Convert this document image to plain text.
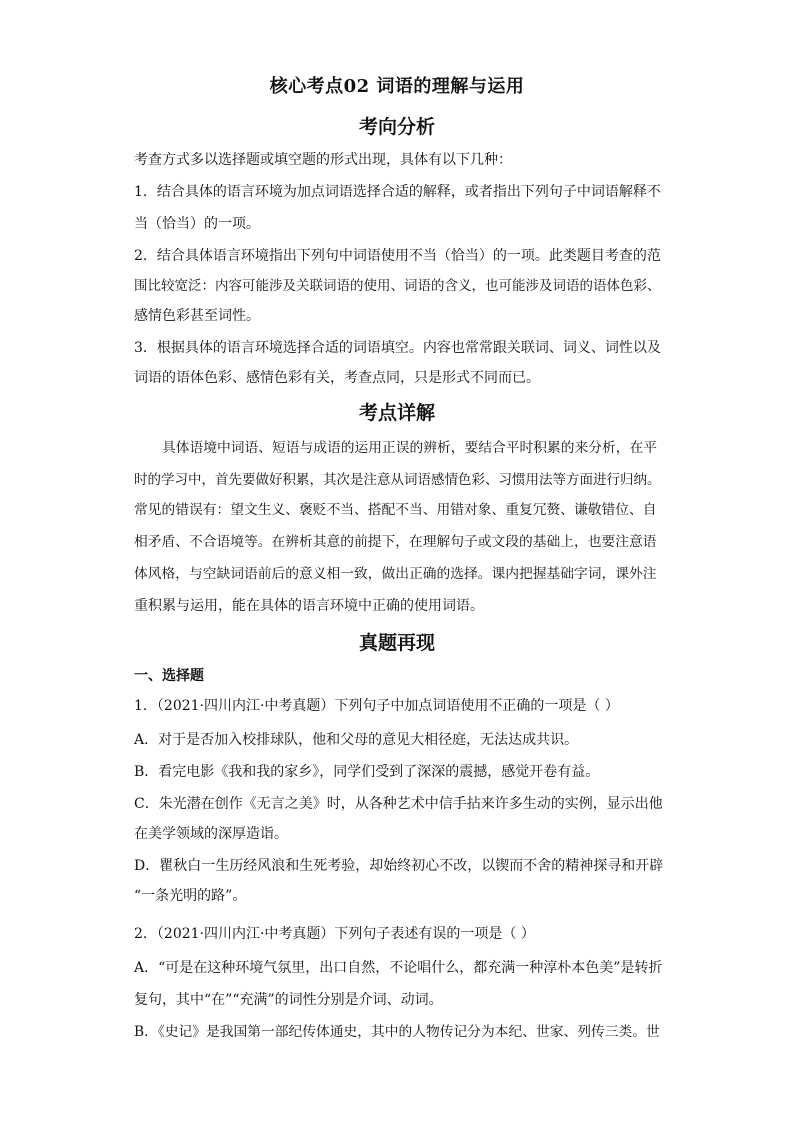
核心考点02 词语的理解与运用
考向分析
考查方式多以选择题或填空题的形式出现，具体有以下几种：
1．结合具体的语言环境为加点词语选择合适的解释，或者指出下列句子中词语解释不
当（恰当）的一项。
2．结合具体语言环境指出下列句中词语使用不当（恰当）的一项。此类题目考查的范
围比较宽泛：内容可能涉及关联词语的使用、词语的含义，也可能涉及词语的语体色彩、
感情色彩甚至词性。
3．根据具体的语言环境选择合适的词语填空。内容也常常跟关联词、词义、词性以及
词语的语体色彩、感情色彩有关，考查点同，只是形式不同而已。
考点详解
具体语境中词语、短语与成语的运用正误的辨析，要结合平时积累的来分析，在平
时的学习中，首先要做好积累，其次是注意从词语感情色彩、习惯用法等方面进行归纳。
常见的错误有：望文生义、褒贬不当、搭配不当、用错对象、重复冗赘、谦敬错位、自
相矛盾、不合语境等。在辨析其意的前提下，在理解句子或文段的基础上，也要注意语
体风格，与空缺词语前后的意义相一致，做出正确的选择。课内把握基础字词，课外注
重积累与运用，能在具体的语言环境中正确的使用词语。
真题再现
一、选择题
1．（2021·四川内江·中考真题）下列句子中加点词语使用不正确的一项是（ ）
A．对于是否加入校排球队，他和父母的意见大相径庭，无法达成共识。
B．看完电影《我和我的家乡》，同学们受到了深深的震撼，感觉开卷有益。
C．朱光潜在创作《无言之美》时，从各种艺术中信手拈来许多生动的实例，显示出他
在美学领域的深厚造诣。
D．瞿秋白一生历经风浪和生死考验，却始终初心不改，以锲而不舍的精神探寻和开辟
“一条光明的路”。
2．（2021·四川内江·中考真题）下列句子表述有误的一项是（ ）
A．“可是在这种环境气氛里，出口自然，不论唱什么，都充满一种淳朴本色美”是转折
复句，其中“在”“充满”的词性分别是介词、动词。
B．《史记》是我国第一部纪传体通史，其中的人物传记分为本纪、世家、列传三类。世
